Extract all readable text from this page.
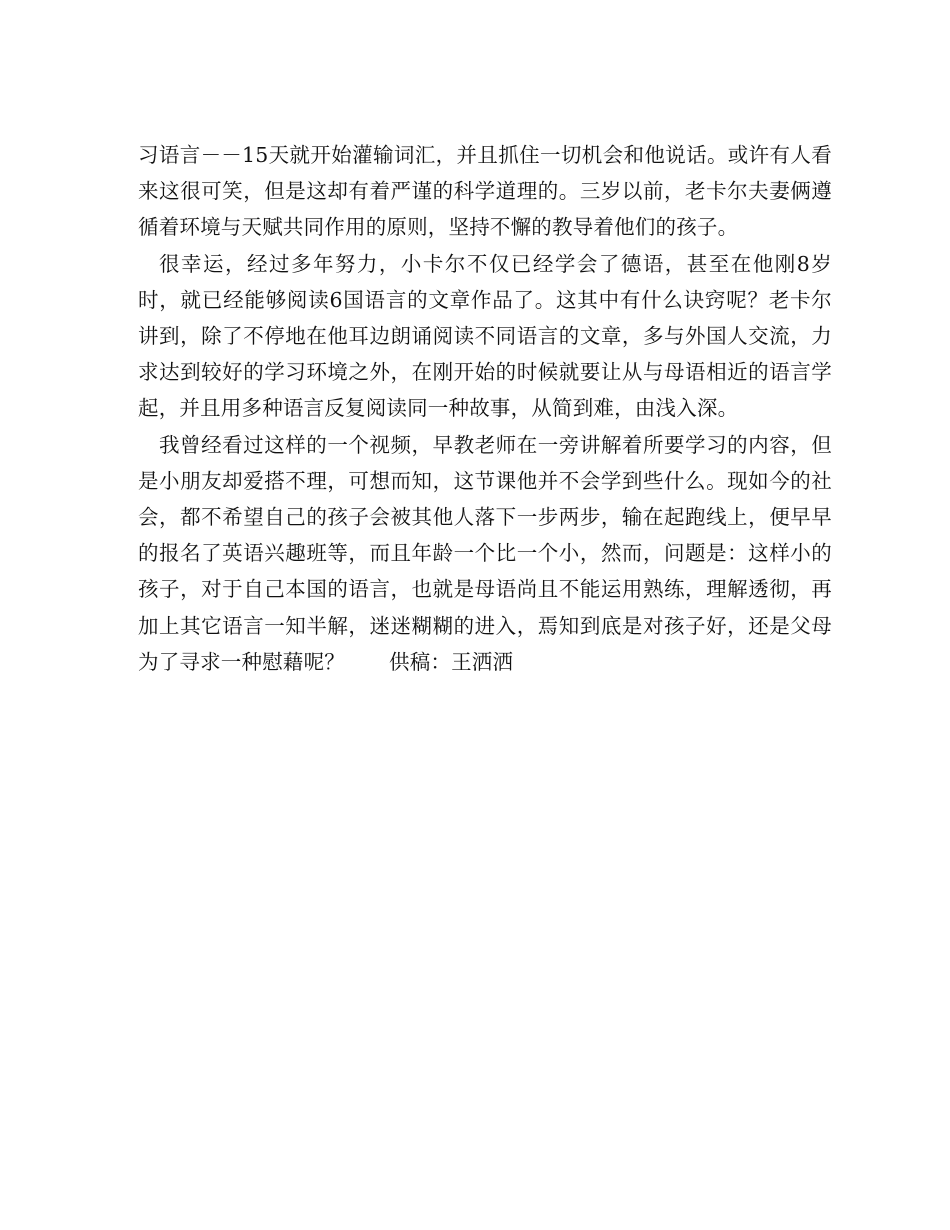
习语言－－15天就开始灌输词汇，并且抓住一切机会和他说话。或许有人看来这很可笑，但是这却有着严谨的科学道理的。三岁以前，老卡尔夫妻俩遵循着环境与天赋共同作用的原则，坚持不懈的教导着他们的孩子。

很幸运，经过多年努力，小卡尔不仅已经学会了德语，甚至在他刚8岁时，就已经能够阅读6国语言的文章作品了。这其中有什么诀窍呢？老卡尔讲到，除了不停地在他耳边朗诵阅读不同语言的文章，多与外国人交流，力求达到较好的学习环境之外，在刚开始的时候就要让从与母语相近的语言学起，并且用多种语言反复阅读同一种故事，从简到难，由浅入深。

我曾经看过这样的一个视频，早教老师在一旁讲解着所要学习的内容，但是小朋友却爱搭不理，可想而知，这节课他并不会学到些什么。现如今的社会，都不希望自己的孩子会被其他人落下一步两步，输在起跑线上，便早早的报名了英语兴趣班等，而且年龄一个比一个小，然而，问题是：这样小的孩子，对于自己本国的语言，也就是母语尚且不能运用熟练，理解透彻，再加上其它语言一知半解，迷迷糊糊的进入，焉知到底是对孩子好，还是父母为了寻求一种慰藉呢？ 供稿：王洒洒
